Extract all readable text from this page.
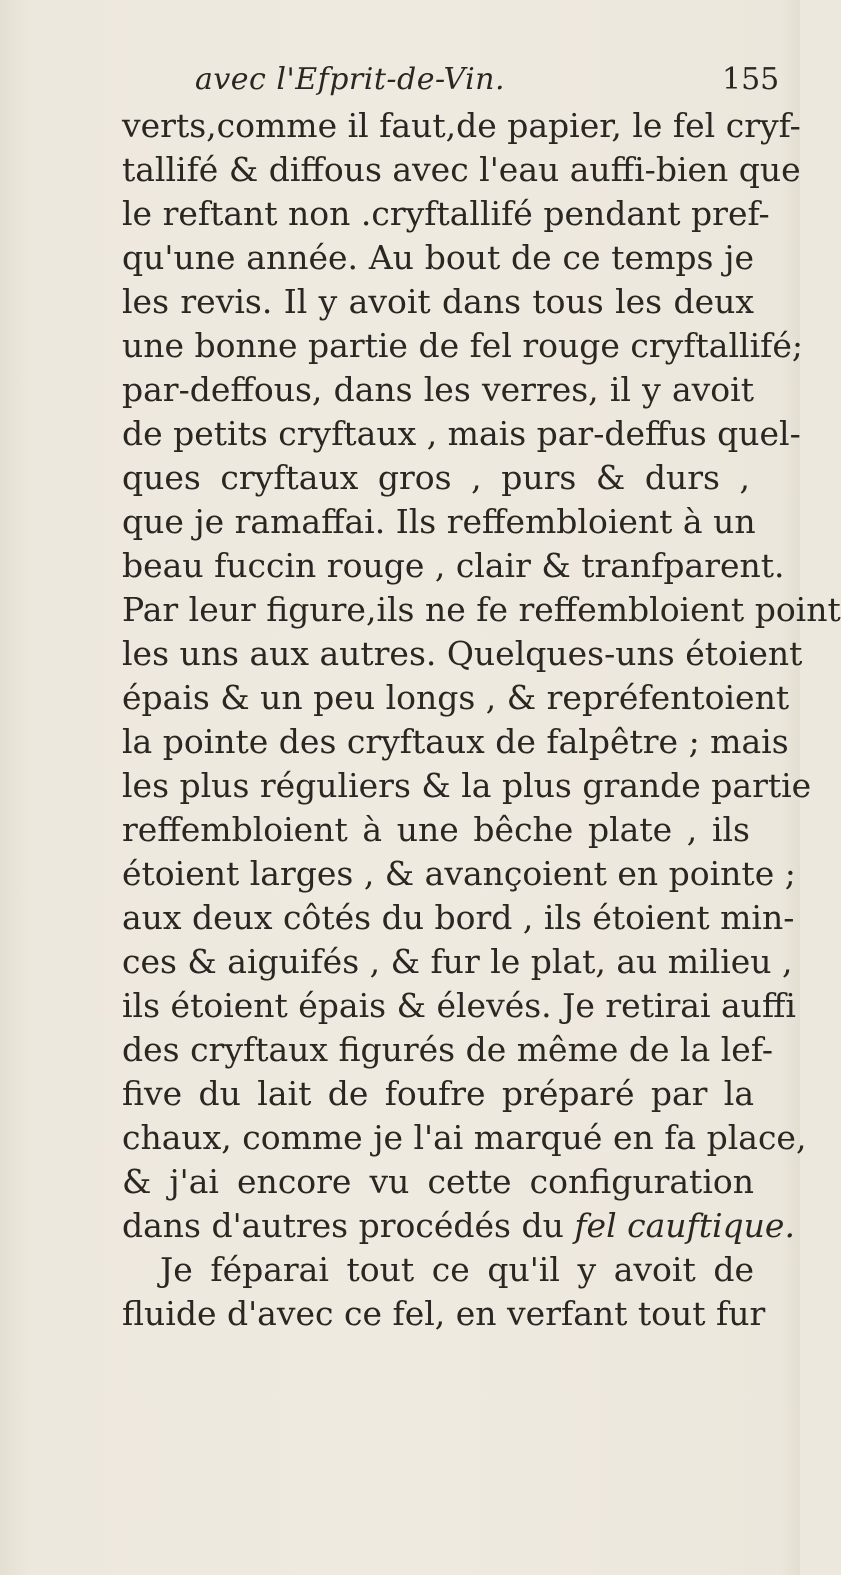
avec l'Efprit-de-Vin.	155
verts,comme il faut,de papier, le fel cryf-
tallifé & diffous avec l'eau auffi-bien que
le reftant non .cryftallifé pendant pref-
qu'une année. Au bout de ce temps je
les revis. Il y avoit dans tous les deux
une bonne partie de fel rouge cryftallifé;
par-deffous, dans les verres, il y avoit
de petits cryftaux , mais par-deffus quel-
ques cryftaux gros , purs & durs ,
que je ramaffai. Ils reffembloient à un
beau fuccin rouge , clair & tranfparent.
Par leur figure,ils ne fe reffembloient point
les uns aux autres. Quelques-uns étoient
épais & un peu longs , & repréfentoient
la pointe des cryftaux de falpêtre ; mais
les plus réguliers & la plus grande partie
reffembloient à une bêche plate , ils
étoient larges , & avançoient en pointe ;
aux deux côtés du bord , ils étoient min-
ces & aiguifés , & fur le plat, au milieu ,
ils étoient épais & élevés. Je retirai auffi
des cryftaux figurés de même de la lef-
five du lait de foufre préparé par la
chaux, comme je l'ai marqué en fa place,
& j'ai encore vu cette configuration
dans d'autres procédés du fel cauftique.
Je féparai tout ce qu'il y avoit de
fluide d'avec ce fel, en verfant tout fur
